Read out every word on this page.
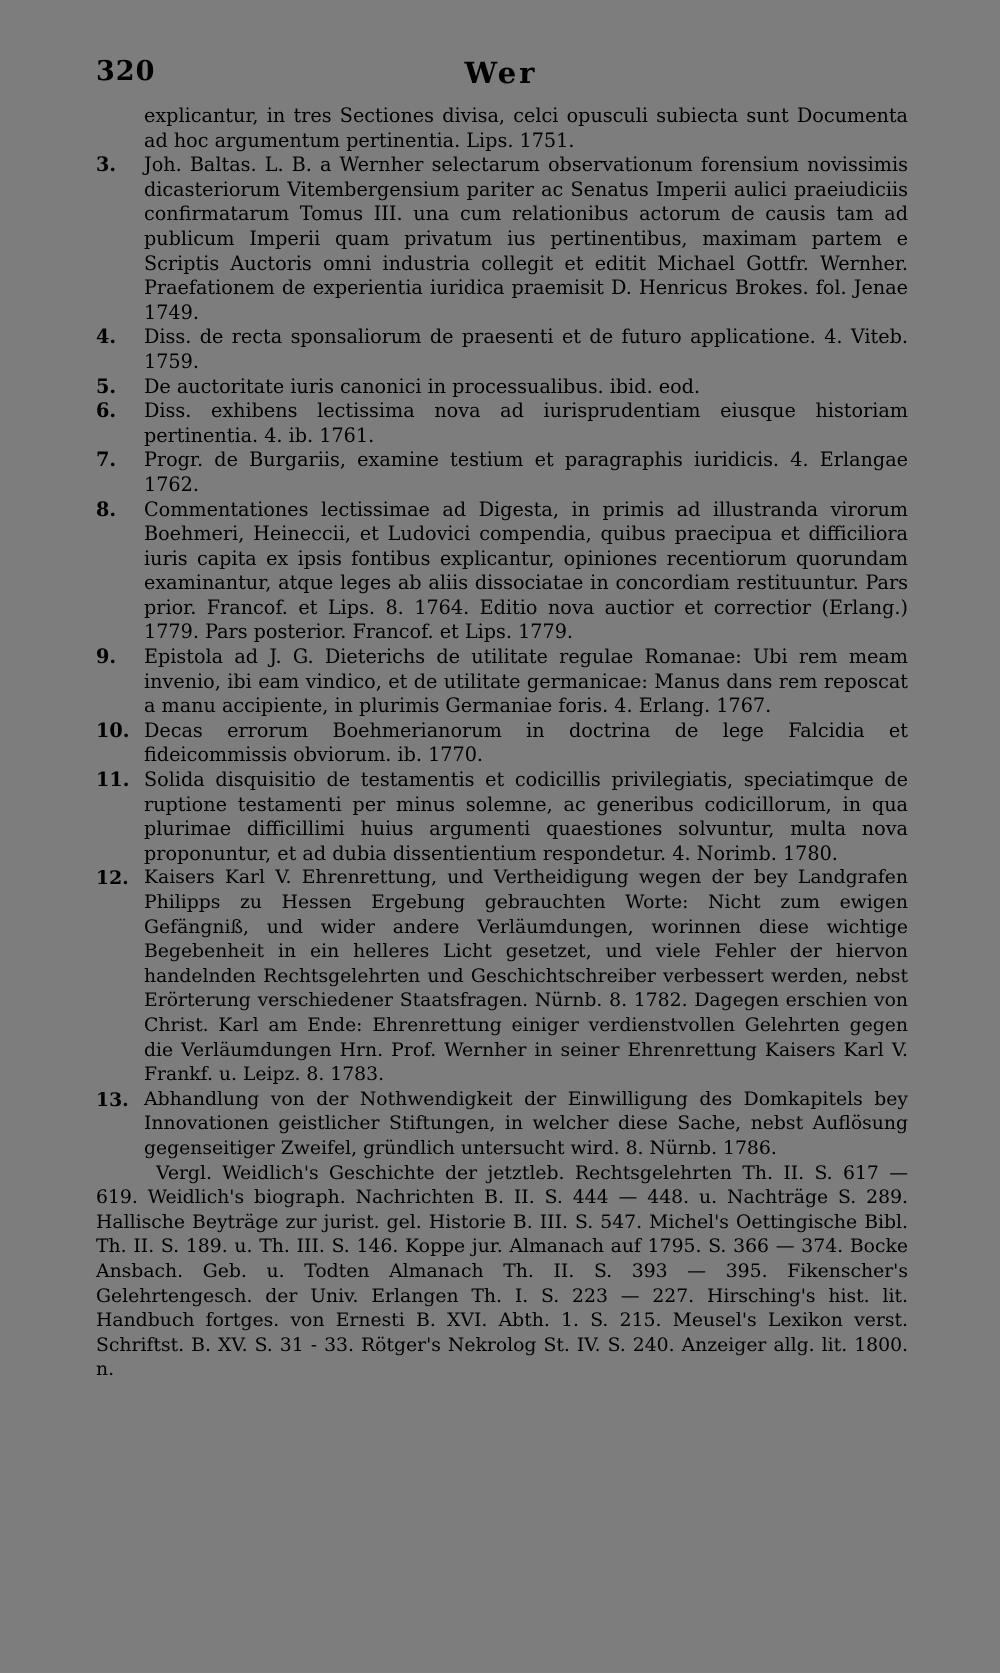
320	Wer
explicantur, in tres Sectiones divisa, celci opusculi subiecta sunt Documenta ad hoc argumentum pertinentia. Lips. 1751.
3.	Joh. Baltas. L. B. a Wernher selectarum observationum forensium novissimis dicasteriorum Vitembergensium pariter ac Senatus Imperii aulici praeiudiciis confirmatarum Tomus III. una cum relationibus actorum de causis tam ad publicum Imperii quam privatum ius pertinentibus, maximam partem e Scriptis Auctoris omni industria collegit et editit Michael Gottfr. Wernher. Praefationem de experientia iuridica praemisit D. Henricus Brokes. fol. Jenae 1749.
4.	Diss. de recta sponsaliorum de praesenti et de futuro applicatione. 4. Viteb. 1759.
5.	De auctoritate iuris canonici in processualibus. ibid. eod.
6.	Diss. exhibens lectissima nova ad iurisprudentiam eiusque historiam pertinentia. 4. ib. 1761.
7.	Progr. de Burgariis, examine testium et paragraphis iuridicis. 4. Erlangae 1762.
8.	Commentationes lectissimae ad Digesta, in primis ad illustranda virorum Boehmeri, Heineccii, et Ludovici compendia, quibus praecipua et difficiliora iuris capita ex ipsis fontibus explicantur, opiniones recentiorum quorundam examinantur, atque leges ab aliis dissociatae in concordiam restituuntur. Pars prior. Francof. et Lips. 8. 1764. Editio nova auctior et correctior (Erlang.) 1779. Pars posterior. Francof. et Lips. 1779.
9.	Epistola ad J. G. Dieterichs de utilitate regulae Romanae: Ubi rem meam invenio, ibi eam vindico, et de utilitate germanicae: Manus dans rem reposcat a manu accipiente, in plurimis Germaniae foris. 4. Erlang. 1767.
10. Decas errorum Boehmerianorum in doctrina de lege Falcidia et fideicommissis obviorum. ib. 1770.
11. Solida disquisitio de testamentis et codicillis privilegiatis, speciatimque de ruptione testamenti per minus solemne, ac generibus codicillorum, in qua plurimae difficillimi huius argumenti quaestiones solvuntur, multa nova proponuntur, et ad dubia dissentientium respondetur. 4. Norimb. 1780.
12. Kaisers Karl V. Ehrenrettung, und Vertheidigung wegen der bey Landgrafen Philipps zu Hessen Ergebung gebrauchten Worte: Nicht zum ewigen Gefängniß, und wider andere Verläumdungen, worinnen diese wichtige Begebenheit in ein helleres Licht gesetzet, und viele Fehler der hiervon handelnden Rechtsgelehrten und Geschichtschreiber verbessert werden, nebst Erörterung verschiedener Staatsfragen. Nürnb. 8. 1782. Dagegen erschien von Christ. Karl am Ende: Ehrenrettung einiger verdienstvollen Gelehrten gegen die Verläumdungen Hrn. Prof. Wernher in seiner Ehrenrettung Kaisers Karl V. Frankf. u. Leipz. 8. 1783.
13. Abhandlung von der Nothwendigkeit der Einwilligung des Domkapitels bey Innovationen geistlicher Stiftungen, in welcher diese Sache, nebst Auflösung gegenseitiger Zweifel, gründlich untersucht wird. 8. Nürnb. 1786.
Vergl. Weidlich's Geschichte der jetztleb. Rechtsgelehrten Th. II. S. 617 — 619. Weidlich's biograph. Nachrichten B. II. S. 444 — 448. u. Nachträge S. 289. Hallische Beyträge zur jurist. gel. Historie B. III. S. 547. Michel's Oettingische Bibl. Th. II. S. 189. u. Th. III. S. 146. Koppe jur. Almanach auf 1795. S. 366 — 374. Bocke Ansbach. Geb. u. Todten Almanach Th. II. S. 393 — 395. Fikenscher's Gelehrtengesch. der Univ. Erlangen Th. I. S. 223 — 227. Hirsching's hist. lit. Handbuch fortges. von Ernesti B. XVI. Abth. 1. S. 215. Meusel's Lexikon verst. Schriftst. B. XV. S. 31 - 33. Rötger's Nekrolog St. IV. S. 240. Anzeiger allg. lit. 1800. n.
